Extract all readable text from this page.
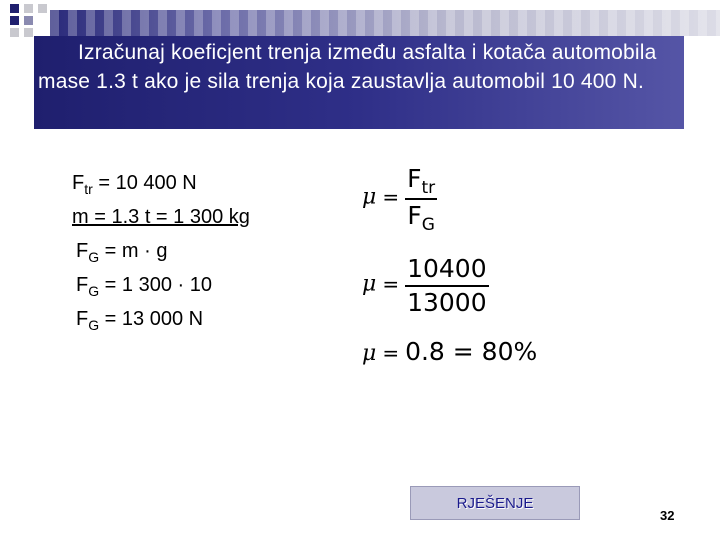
Izračunaj koeficjent trenja između asfalta i kotača automobila mase 1.3 t ako je sila trenja koja zaustavlja automobil 10 400 N.
$F_{tr} = 10$ 400 N
m = 1.3 t = 1 300 kg
$F_G = m \cdot g$
$F_G = 1$ 300 · 10
$F_G = 13$ 000 N
$\mu = \frac{F_{tr}}{F_G}$
$\mu = \frac{10400}{13000}$
μ = 0.8 = 80%
RJEŠENJE
32
